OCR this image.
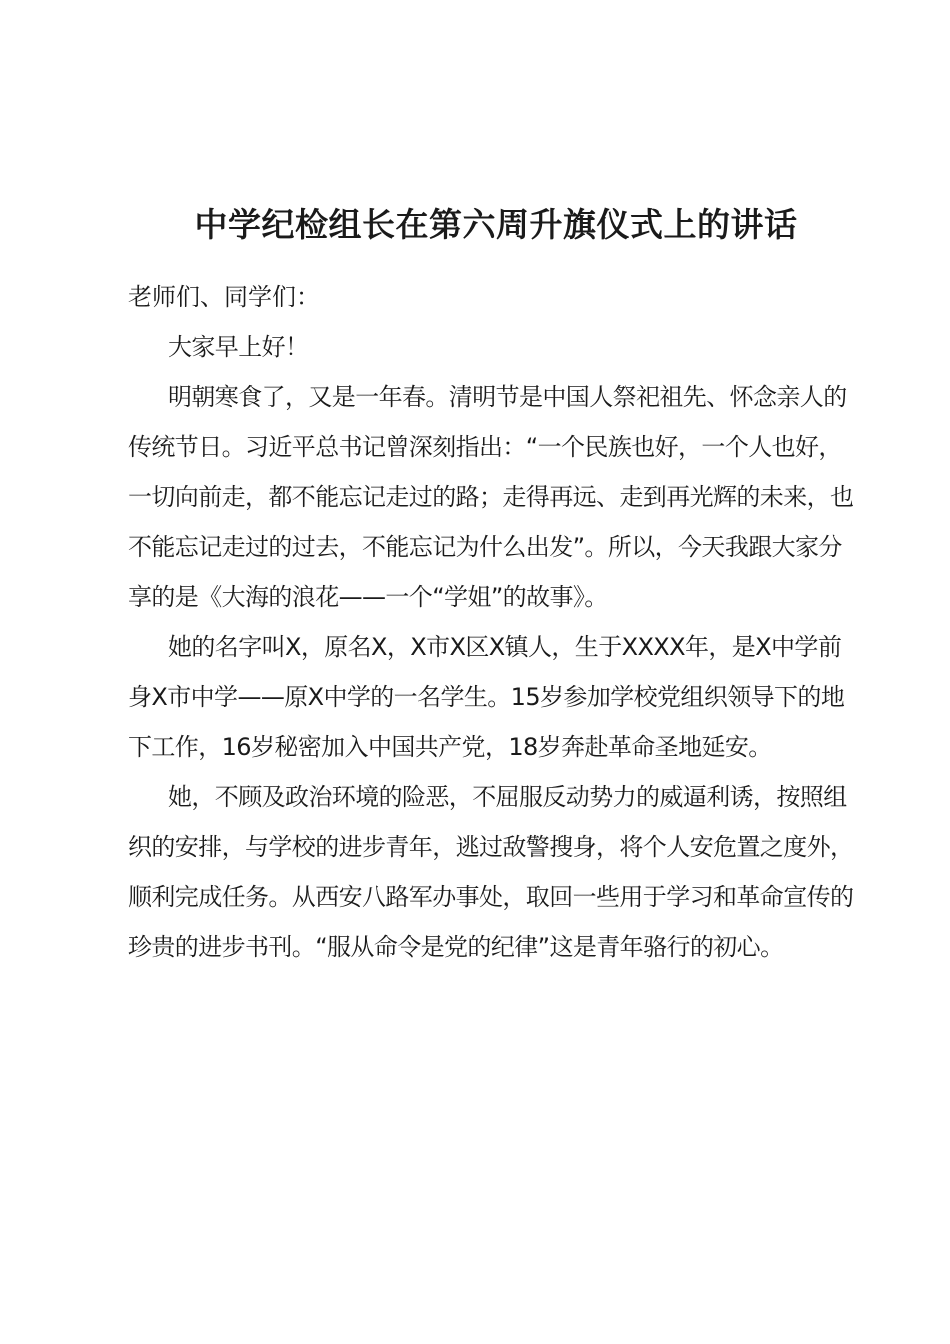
中学纪检组长在第六周升旗仪式上的讲话

老师们、同学们：

大家早上好！

明朝寒食了，又是一年春。清明节是中国人祭祀祖先、怀念亲人的传统节日。习近平总书记曾深刻指出：“一个民族也好，一个人也好，一切向前走，都不能忘记走过的路；走得再远、走到再光辉的未来，也不能忘记走过的过去，不能忘记为什么出发”。所以，今天我跟大家分享的是《大海的浪花——一个“学姐”的故事》。

她的名字叫X，原名X，X市X区X镇人，生于XXXX年，是X中学前身X市中学——原X中学的一名学生。15岁参加学校党组织领导下的地下工作，16岁秘密加入中国共产党，18岁奔赴革命圣地延安。

她，不顾及政治环境的险恶，不屈服反动势力的威逼利诱，按照组织的安排，与学校的进步青年，逃过敌警搜身，将个人安危置之度外，顺利完成任务。从西安八路军办事处，取回一些用于学习和革命宣传的珍贵的进步书刊。“服从命令是党的纪律”这是青年骆行的初心。
